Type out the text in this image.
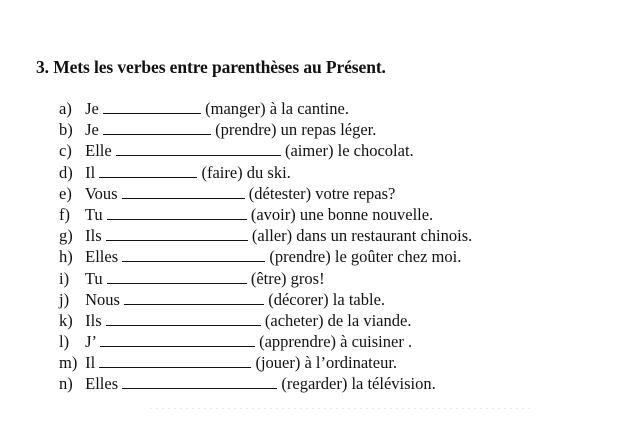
3. Mets les verbes entre parenthèses au Présent.
a) Je	(manger) à la cantine.
b) Je	(prendre) un repas léger.
c) Elle	(aimer) le chocolat.
d) Il	(faire) du ski.
e) Vous	(détester) votre repas?
f) Tu	(avoir) une bonne nouvelle.
g) Ils	(aller) dans un restaurant chinois.
h) Elles	(prendre) le goûter chez moi.
i) Tu	(être) gros!
j) Nous	(décorer) la table.
k) Ils	(acheter) de la viande.
l) J’	(apprendre) à cuisiner .
m) Il	(jouer) à l’ordinateur.
n) Elles	(regarder) la télévision.
